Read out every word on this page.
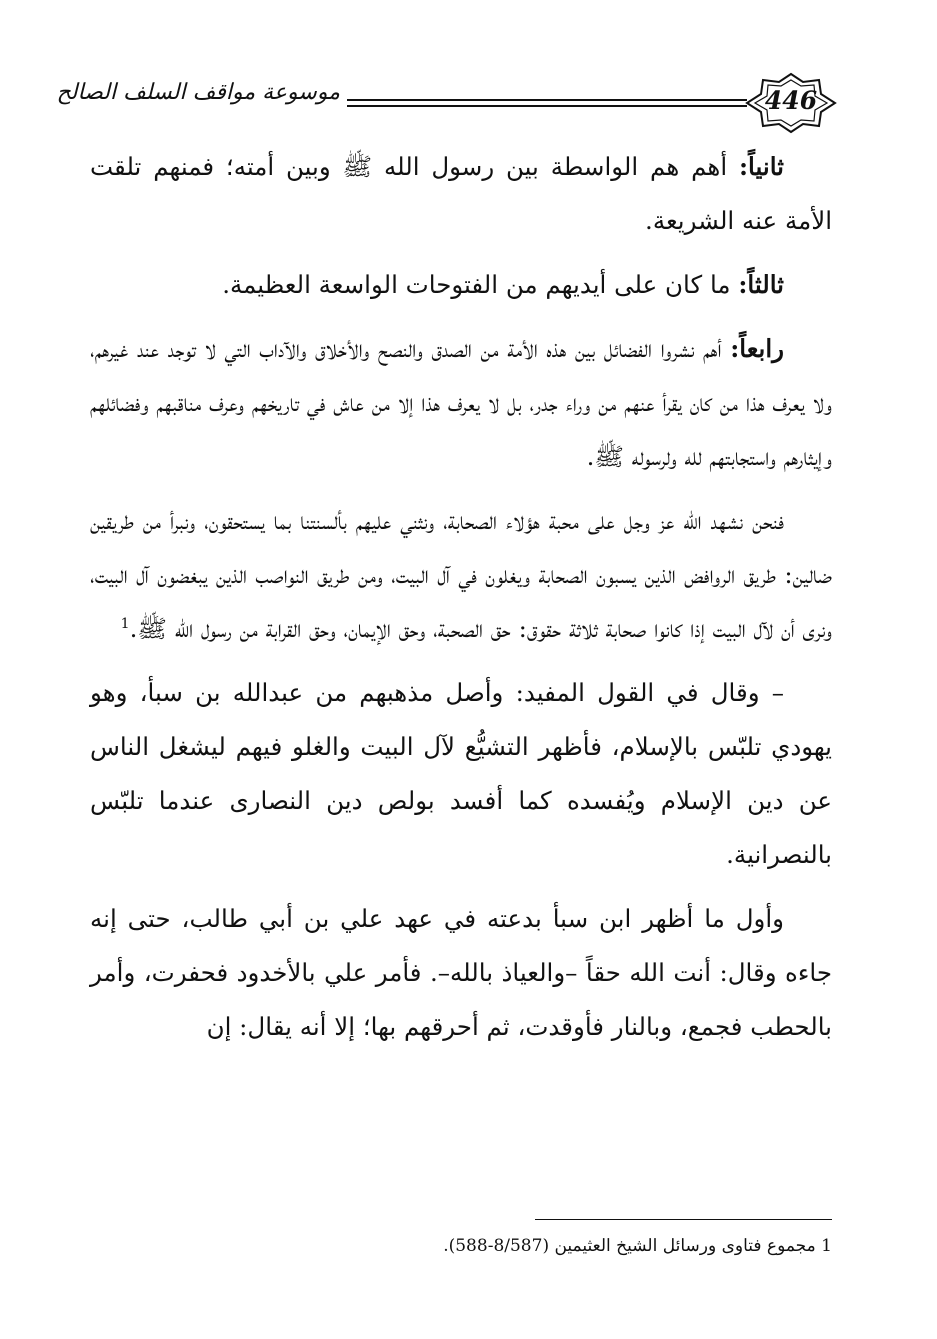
موسوعة مواقف السلف الصالح	446

ثانياً: أهم هم الواسطة بين رسول الله ﷺ وبين أمته؛ فمنهم تلقت الأمة عنه الشريعة.

ثالثاً: ما كان على أيديهم من الفتوحات الواسعة العظيمة.

رابعاً: أهم نشروا الفضائل بين هذه الأمة من الصدق والنصح والأخلاق والآداب التي لا توجد عند غيرهم، ولا يعرف هذا من كان يقرأ عنهم من وراء جدر، بل لا يعرف هذا إلا من عاش في تاريخهم وعرف مناقبهم وفضائلهم وإيثارهم واستجابتهم لله ولرسوله ﷺ.

فنحن نشهد الله عز وجل على محبة هؤلاء الصحابة، ونثني عليهم بألسنتنا بما يستحقون، ونبرأ من طريقين ضالين: طريق الروافض الذين يسبون الصحابة ويغلون في آل البيت، ومن طريق النواصب الذين يبغضون آل البيت، ونرى أن لآل البيت إذا كانوا صحابة ثلاثة حقوق: حق الصحبة، وحق الإيمان، وحق القرابة من رسول الله ﷺ.$^1$

– وقال في القول المفيد: وأصل مذهبهم من عبدالله بن سبأ، وهو يهودي تلبّس بالإسلام، فأظهر التشيُّع لآل البيت والغلو فيهم ليشغل الناس عن دين الإسلام ويُفسده كما أفسد بولص دين النصارى عندما تلبّس بالنصرانية.

وأول ما أظهر ابن سبأ بدعته في عهد علي بن أبي طالب، حتى إنه جاءه وقال: أنت الله حقاً –والعياذ بالله–. فأمر علي بالأخدود فحفرت، وأمر بالحطب فجمع، وبالنار فأوقدت، ثم أحرقهم بها؛ إلا أنه يقال: إن

1 مجموع فتاوى ورسائل الشيخ العثيمين (8/587-588).
